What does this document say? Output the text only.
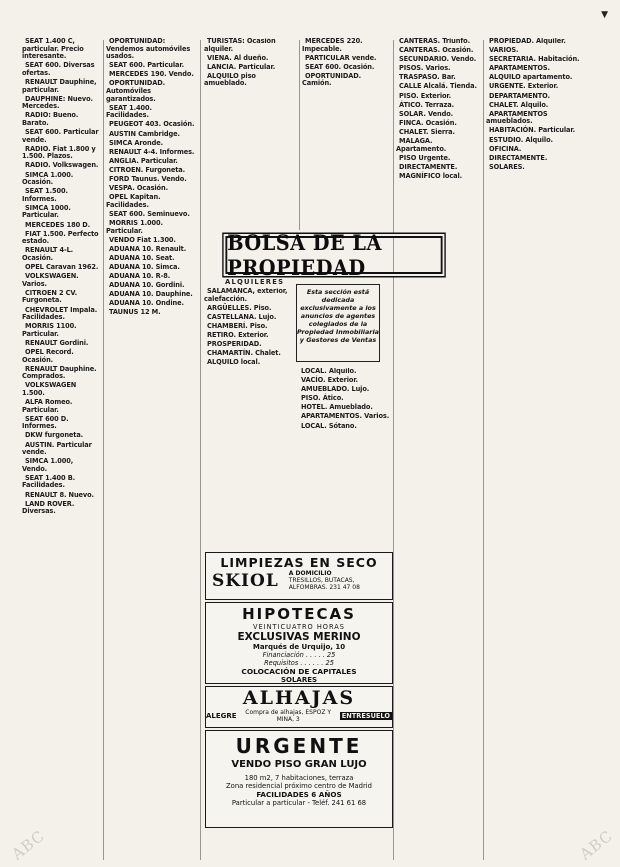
▼

SEAT 1.400 C, particular. Precio interesante.

SEAT 600. Diversas ofertas.

RENAULT Dauphine, particular.

DAUPHINE: Nuevo. Mercedes.

RADIO: Bueno. Barato.

SEAT 600. Particular vende.

RADIO. Fiat 1.800 y 1.500. Plazos.

RADIO. Volkswagen.

SIMCA 1.000. Ocasión.

SEAT 1.500. Informes.

SIMCA 1000. Particular.

MERCEDES 180 D.

FIAT 1.500. Perfecto estado.

RENAULT 4-L. Ocasión.

OPEL Caravan 1962.

VOLKSWAGEN. Varios.

CITROEN 2 CV. Furgoneta.

CHEVROLET Impala. Facilidades.

MORRIS 1100. Particular.

RENAULT Gordini.

OPEL Record. Ocasión.

RENAULT Dauphine. Comprados.

VOLKSWAGEN 1.500.

ALFA Romeo. Particular.

SEAT 600 D. Informes.

DKW furgoneta.

AUSTIN. Particular vende.

SIMCA 1.000, Vendo.

SEAT 1.400 B. Facilidades.

RENAULT 8. Nuevo.

LAND ROVER. Diversas.

OPORTUNIDAD: Vendemos automóviles usados.

SEAT 600. Particular.

MERCEDES 190. Vendo.

OPORTUNIDAD. Automóviles garantizados.

SEAT 1.400. Facilidades.

PEUGEOT 403. Ocasión.

AUSTIN Cambridge.

SIMCA Aronde.

RENAULT 4-4. Informes.

ANGLIA. Particular.

CITROEN. Furgoneta.

FORD Taunus. Vendo.

VESPA. Ocasión.

OPEL Kapitan. Facilidades.

SEAT 600. Seminuevo.

MORRIS 1.000. Particular.

VENDO Fiat 1.300.

ADUANA 10. Renault.

ADUANA 10. Seat.

ADUANA 10. Simca.

ADUANA 10. R-8.

ADUANA 10. Gordini.

ADUANA 10. Dauphine.

ADUANA 10. Ondine.

TAUNUS 12 M.

TURISTAS: Ocasión alquiler.

VIENA. Al dueño.

LANCIA. Particular.

ALQUILO piso amueblado.

MERCEDES 220. Impecable.

PARTICULAR vende.

SEAT 600. Ocasión.

OPORTUNIDAD. Camión.

CANTERAS. Triunfo.

CANTERAS. Ocasión.

SECUNDARIO. Vendo.

PISOS. Varios.

TRASPASO. Bar.

CALLE Alcalá. Tienda.

PISO. Exterior.

ÁTICO. Terraza.

SOLAR. Vendo.

FINCA. Ocasión.

CHALET. Sierra.

MALAGA. Apartamento.

PISO Urgente.

DIRECTAMENTE.

MAGNÍFICO local.

PROPIEDAD. Alquiler.

VARIOS.

SECRETARIA. Habitación.

APARTAMENTOS.

ALQUILO apartamento.

URGENTE. Exterior.

DEPARTAMENTO.

CHALET. Alquilo.

APARTAMENTOS amueblados.

HABITACIÓN. Particular.

ESTUDIO. Alquilo.

OFICINA.

DIRECTAMENTE.

SOLARES.

BOLSA DE LA PROPIEDAD
ALQUILERES

SALAMANCA, exterior, calefacción.

ARGÜELLES. Piso.

CASTELLANA. Lujo.

CHAMBERÍ. Piso.

RETIRO. Exterior.

PROSPERIDAD.

CHAMARTÍN. Chalet.

ALQUILO local.

LOCAL. Alquilo.

VACÍO. Exterior.

AMUEBLADO. Lujo.

PISO. Ático.

HOTEL. Amueblado.

APARTAMENTOS. Varios.

LOCAL. Sótano.

Esta sección está dedicada exclusivamente a los anuncios de agentes colegiados de la Propiedad Inmobiliaria y Gestores de Ventas
LIMPIEZAS EN SECO
SKIOL A DOMICILIO
TRESILLOS, BUTACAS, ALFOMBRAS. 231 47 08
HIPOTECAS
VEINTICUATRO HORAS
EXCLUSIVAS MERINO
Marqués de Urquijo, 10
Financiación . . . . . 25
Requisitos . . . . . . 25
COLOCACIÓN DE CAPITALES
SOLARES
ALHAJAS
ALEGRE	Compra de alhajas, ESPOZ Y MINA, 3	ENTRESUELO
URGENTE
VENDO PISO GRAN LUJO
180 m2, 7 habitaciones, terraza
Zona residencial próximo centro de Madrid
FACILIDADES 6 AÑOS
Particular a particular - Teléf. 241 61 68
ABC	ABC
